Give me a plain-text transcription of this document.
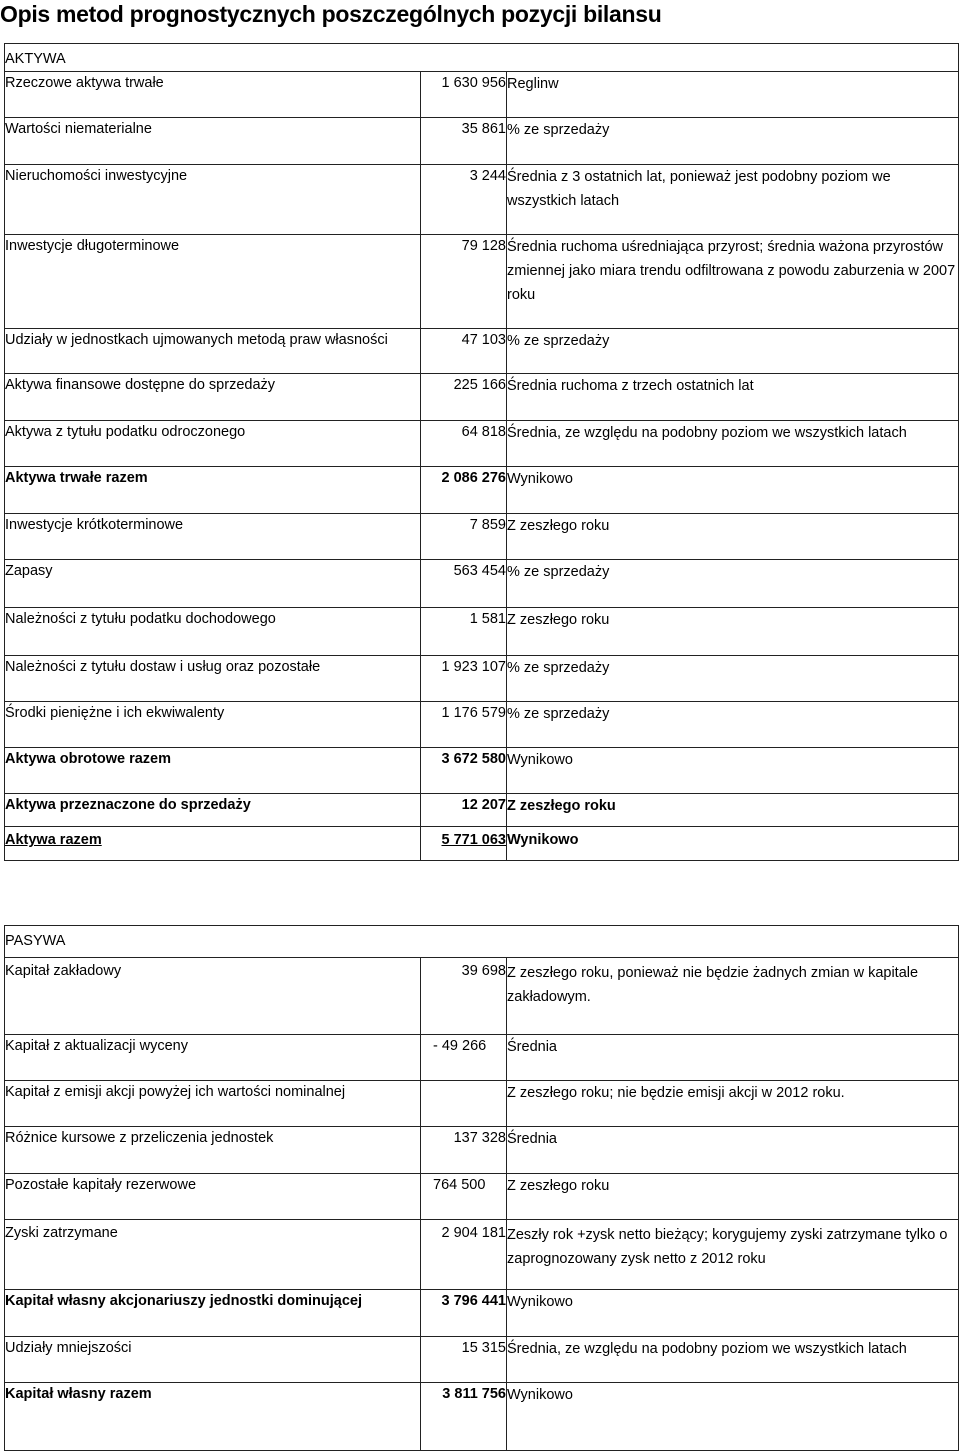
Opis metod prognostycznych poszczególnych pozycji bilansu
AKTYWA		
Rzeczowe aktywa trwałe	1 630 956	Reglinw
Wartości niematerialne	35 861	% ze sprzedaży
Nieruchomości inwestycyjne	3 244	Średnia z 3 ostatnich lat, ponieważ jest podobny poziom we wszystkich latach
Inwestycje długoterminowe	79 128	Średnia ruchoma uśredniająca przyrost; średnia ważona przyrostów zmiennej jako miara trendu odfiltrowana z powodu zaburzenia w 2007 roku
Udziały w jednostkach ujmowanych metodą praw własności	47 103	% ze sprzedaży
Aktywa finansowe dostępne do sprzedaży	225 166	Średnia ruchoma z trzech ostatnich lat
Aktywa z tytułu podatku odroczonego	64 818	Średnia, ze względu na podobny poziom we wszystkich latach
Aktywa trwałe razem	2 086 276	Wynikowo
Inwestycje krótkoterminowe	7 859	Z zeszłego roku
Zapasy	563 454	% ze sprzedaży
Należności z tytułu podatku dochodowego	1 581	Z zeszłego roku
Należności z tytułu dostaw i usług oraz pozostałe	1 923 107	% ze sprzedaży
Środki pieniężne i ich ekwiwalenty	1 176 579	% ze sprzedaży
Aktywa obrotowe razem	3 672 580	Wynikowo
Aktywa przeznaczone do sprzedaży	12 207	Z zeszłego roku
Aktywa razem	5 771 063	Wynikowo
PASYWA		
Kapitał zakładowy	39 698	Z zeszłego roku, ponieważ nie będzie żadnych zmian w kapitale zakładowym.
Kapitał z aktualizacji wyceny	- 49 266	Średnia
Kapitał z emisji akcji powyżej ich wartości nominalnej		Z zeszłego roku; nie będzie emisji akcji w 2012 roku.
Różnice kursowe z przeliczenia jednostek	137 328	Średnia
Pozostałe kapitały rezerwowe	764 500	Z zeszłego roku
Zyski zatrzymane	2 904 181	Zeszły rok +zysk netto bieżący; korygujemy zyski zatrzymane tylko o zaprognozowany zysk netto z 2012 roku
Kapitał własny akcjonariuszy jednostki dominującej	3 796 441	Wynikowo
Udziały mniejszości	15 315	Średnia, ze względu na podobny poziom we wszystkich latach
Kapitał własny razem	3 811 756	Wynikowo
